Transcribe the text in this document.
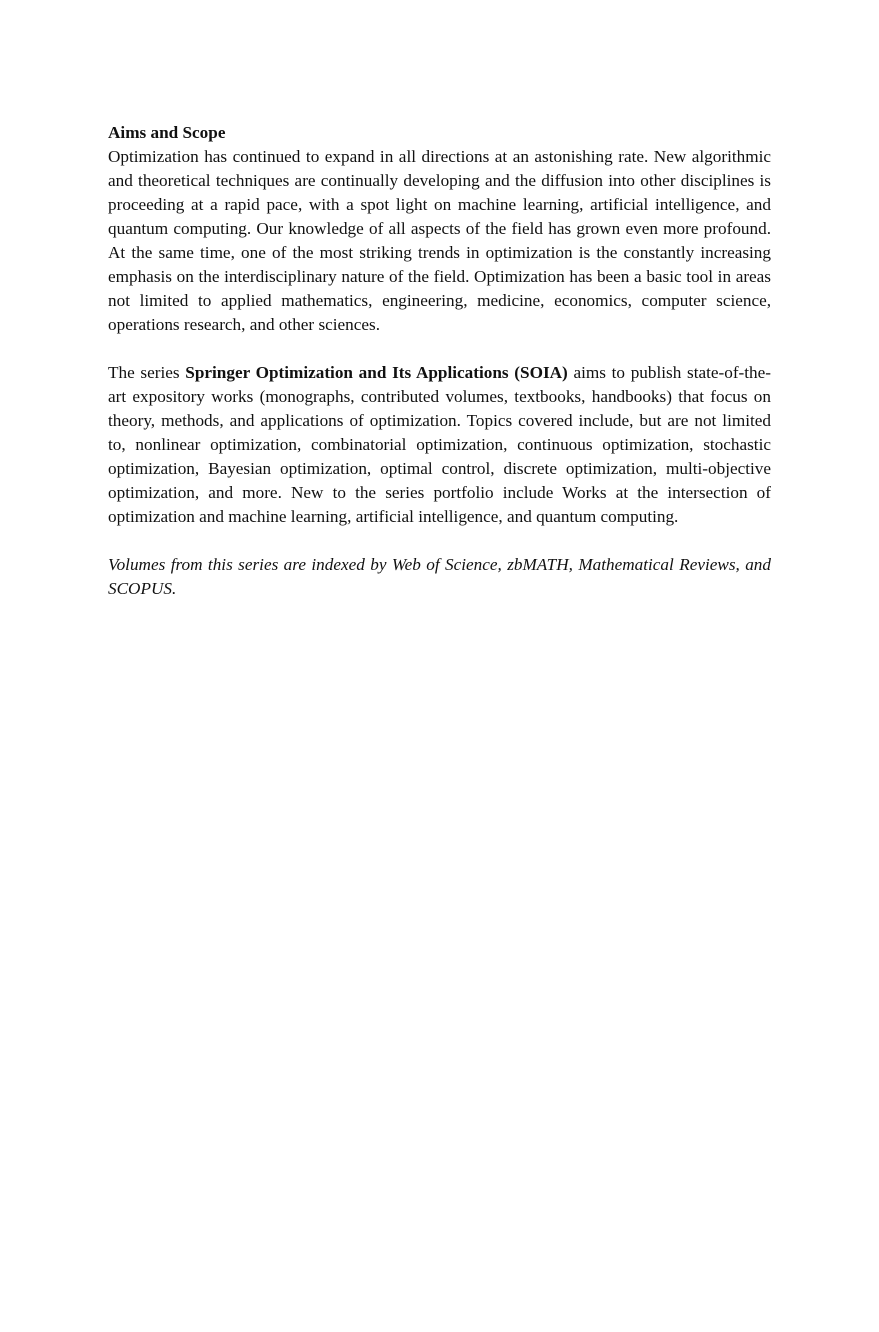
Aims and Scope

Optimization has continued to expand in all directions at an astonishing rate. New algorithmic and theoretical techniques are continually developing and the diffusion into other disciplines is proceeding at a rapid pace, with a spot light on machine learning, artificial intelligence, and quantum computing. Our knowledge of all aspects of the field has grown even more profound. At the same time, one of the most striking trends in optimization is the constantly increasing emphasis on the interdisciplinary nature of the field. Optimization has been a basic tool in areas not limited to applied mathematics, engineering, medicine, economics, computer science, operations research, and other sciences.

The series Springer Optimization and Its Applications (SOIA) aims to publish state-of-the-art expository works (monographs, contributed volumes, textbooks, handbooks) that focus on theory, methods, and applications of optimization. Topics covered include, but are not limited to, nonlinear optimization, combinatorial optimization, continuous optimization, stochastic optimization, Bayesian optimization, optimal control, discrete optimization, multi-objective optimization, and more. New to the series portfolio include Works at the intersection of optimization and machine learning, artificial intelligence, and quantum computing.

Volumes from this series are indexed by Web of Science, zbMATH, Mathematical Reviews, and SCOPUS.
